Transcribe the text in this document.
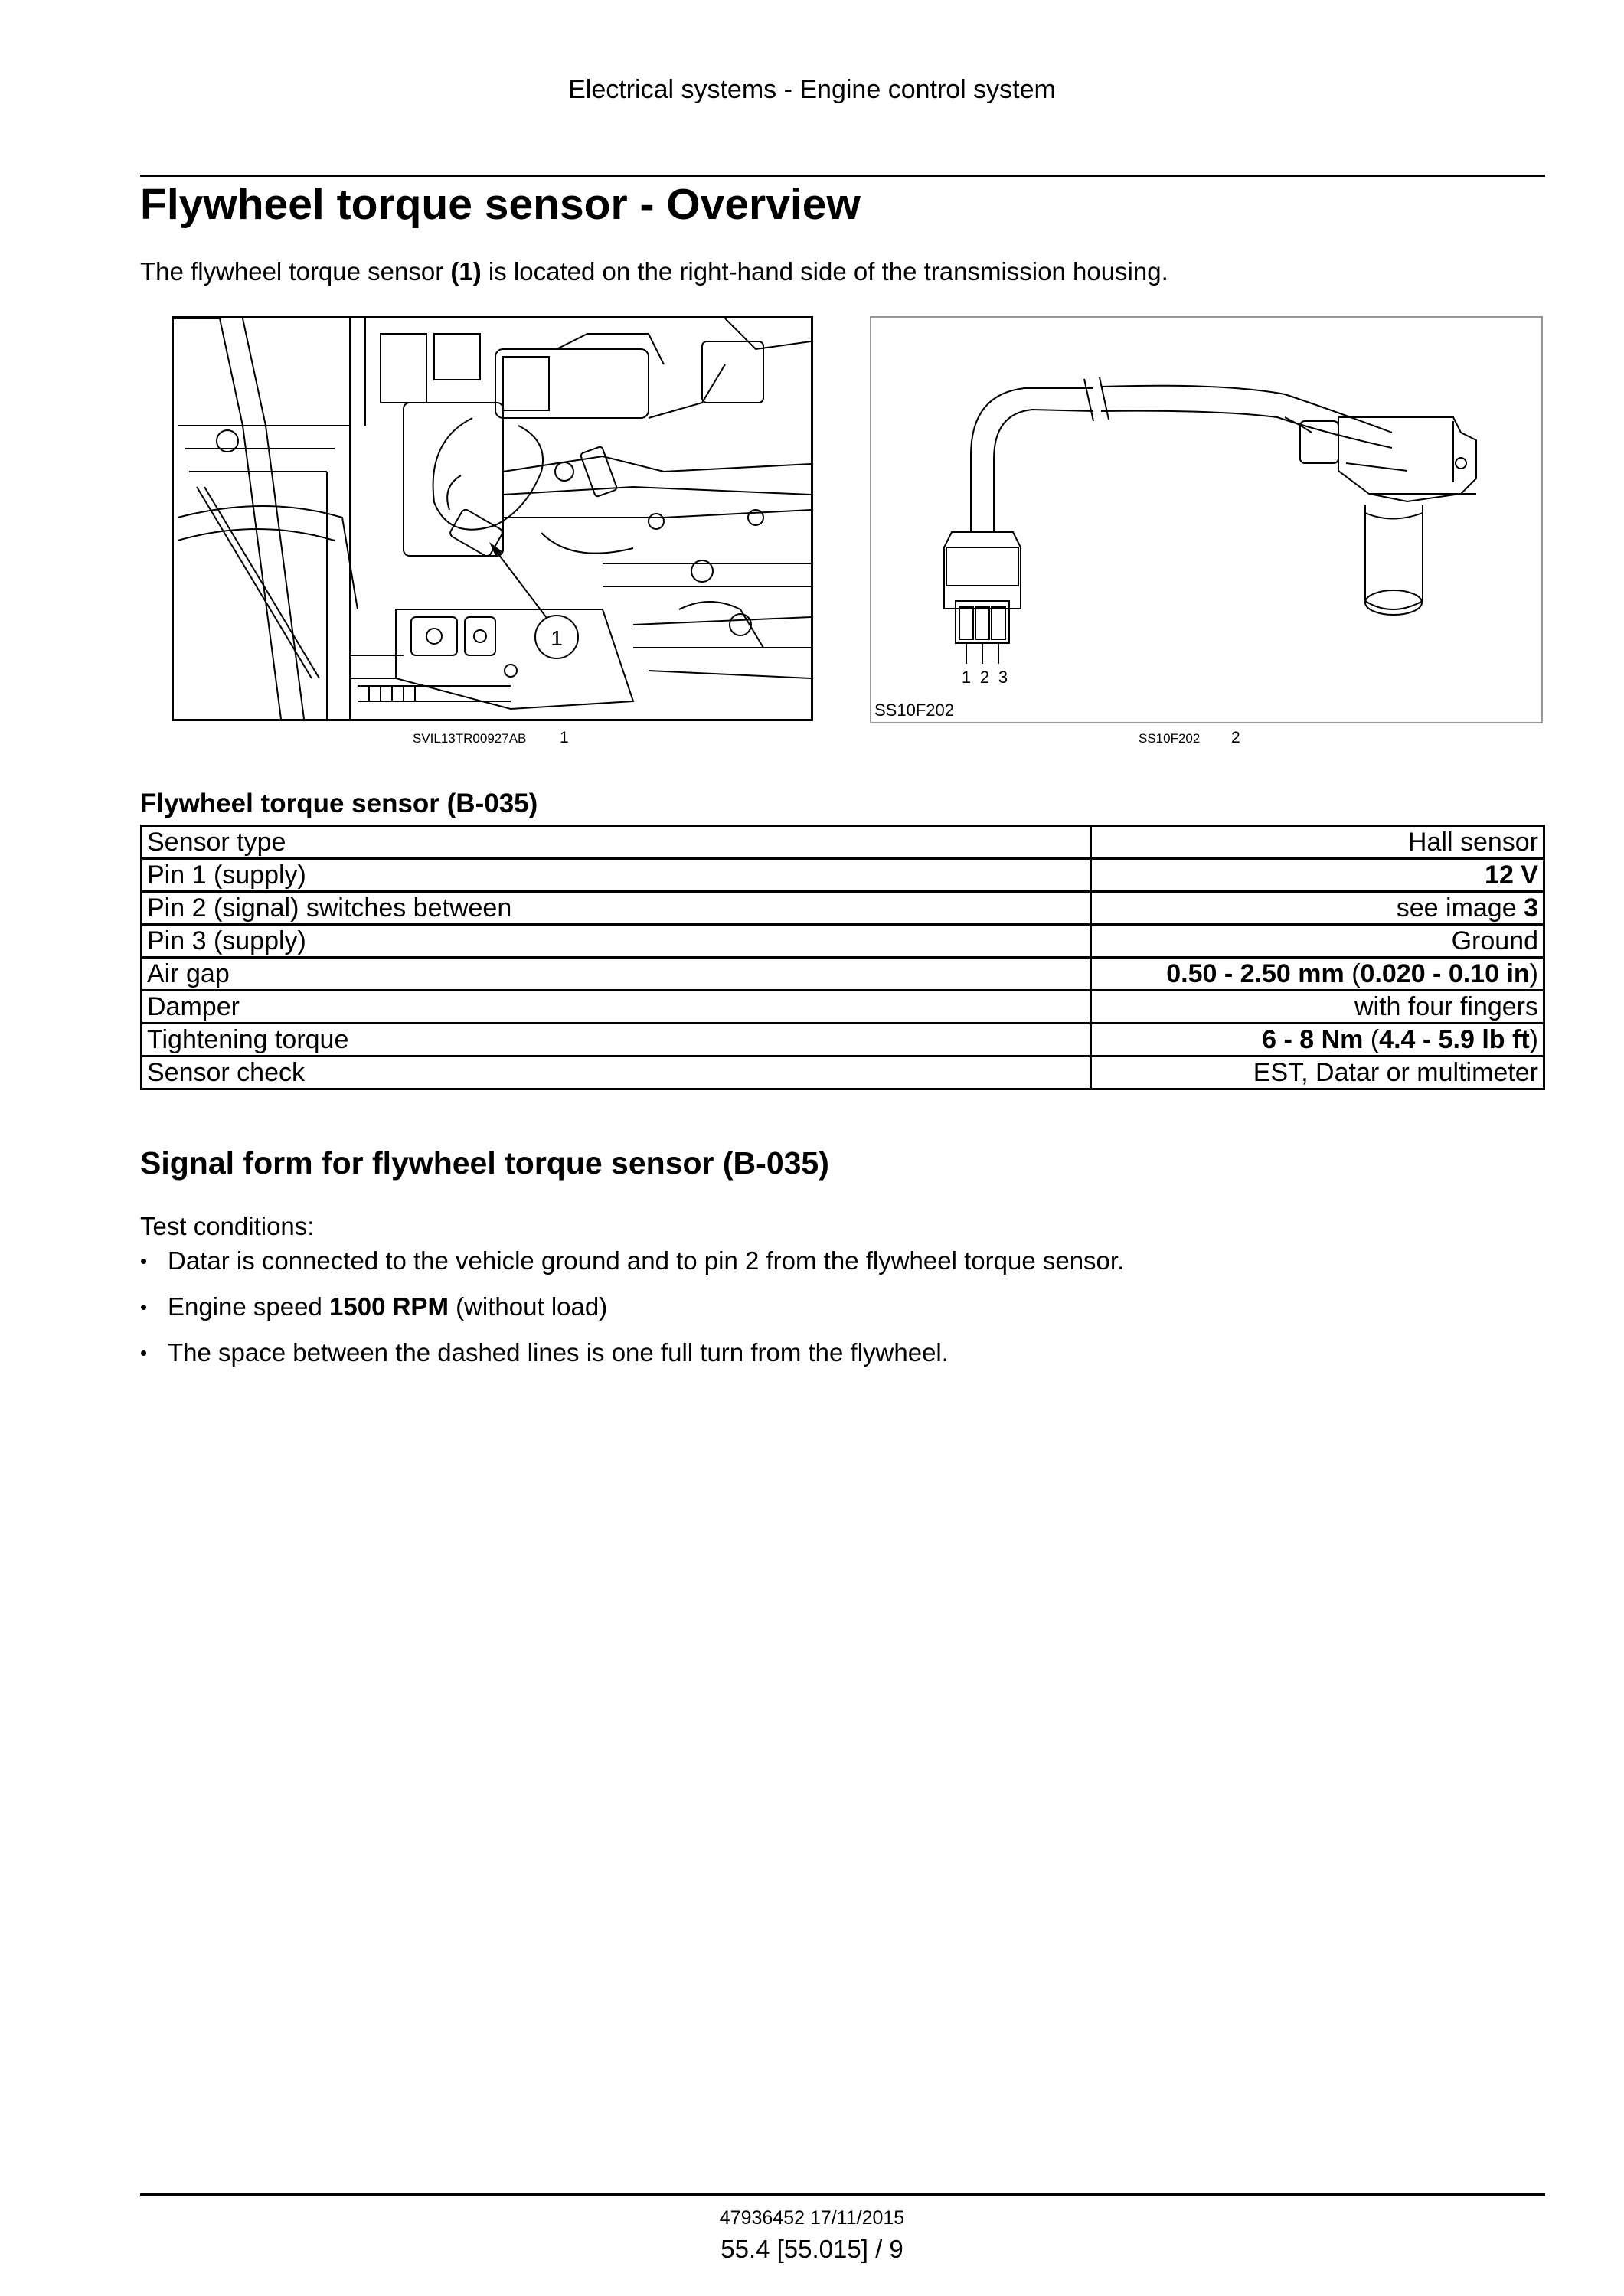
Electrical systems - Engine control system
Flywheel torque sensor - Overview
The flywheel torque sensor (1) is located on the right-hand side of the transmission housing.
1
SVIL13TR00927AB 1
1 2 3
SS10F202
SS10F202 2
Flywheel torque sensor (B-035)
Sensor type	Hall sensor
Pin 1 (supply)	12 V
Pin 2 (signal) switches between	see image 3
Pin 3 (supply)	Ground
Air gap	0.50 - 2.50 mm (0.020 - 0.10 in)
Damper	with four fingers
Tightening torque	6 - 8 Nm (4.4 - 5.9 lb ft)
Sensor check	EST, Datar or multimeter
Signal form for flywheel torque sensor (B-035)
Test conditions:
• Datar is connected to the vehicle ground and to pin 2 from the flywheel torque sensor.
• Engine speed 1500 RPM (without load)
• The space between the dashed lines is one full turn from the flywheel.
47936452 17/11/2015
55.4 [55.015] / 9
